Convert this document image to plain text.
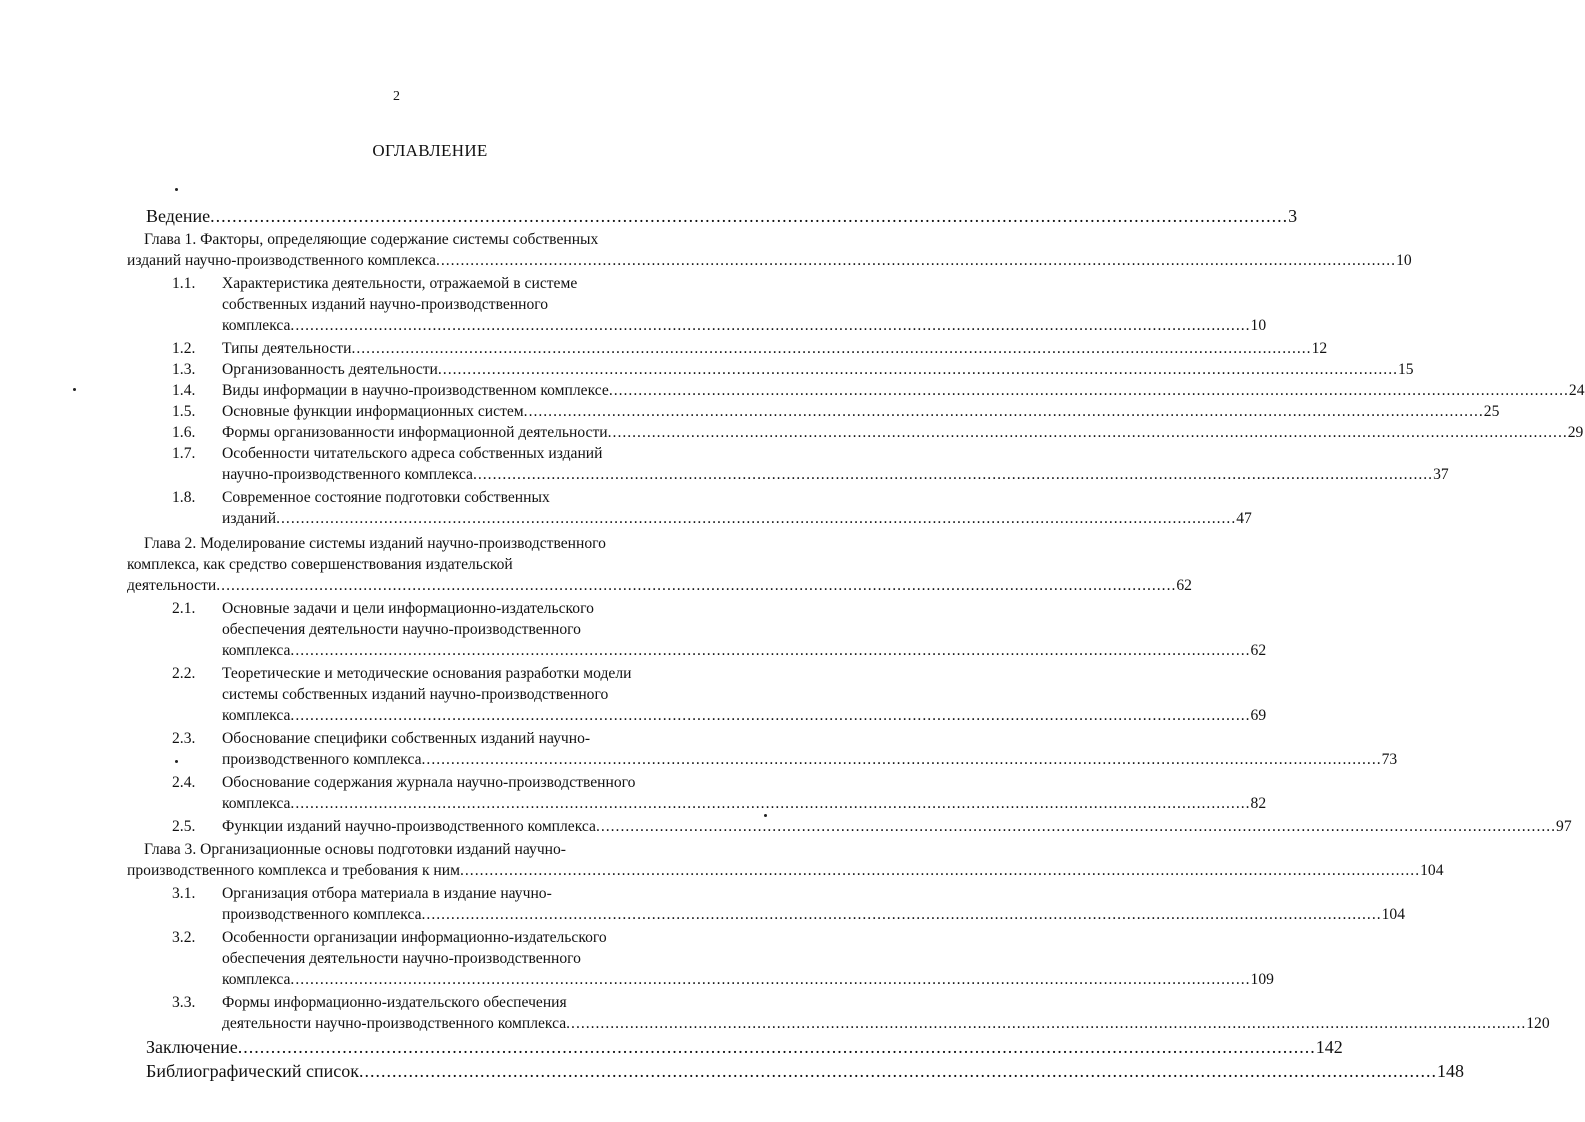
2
ОГЛАВЛЕНИЕ
Ведение .....	3
Глава 1. Факторы, определяющие содержание системы собственных
изданий научно-производственного комплекса .....	10
1.1. Характеристика деятельности, отражаемой в системе
собственных изданий научно-производственного
комплекса .....	10
1.2. Типы деятельности .....	12
1.3. Организованность деятельности .....	15
1.4. Виды информации в научно-производственном комплексе .....	24
1.5. Основные функции информационных систем .....	25
1.6. Формы организованности информационной деятельности .....	29
1.7. Особенности читательского адреса собственных изданий
научно-производственного комплекса .....	37
1.8. Современное состояние подготовки собственных
изданий .....	47
Глава 2. Моделирование системы изданий научно-производственного
комплекса, как средство совершенствования издательской
деятельности .....	62
2.1. Основные задачи и цели информационно-издательского
обеспечения деятельности научно-производственного
комплекса .....	62
2.2. Теоретические и методические основания разработки модели
системы собственных изданий научно-производственного
комплекса .....	69
2.3. Обоснование специфики собственных изданий научно-
производственного комплекса .....	73
2.4. Обоснование содержания журнала научно-производственного
комплекса .....	82
2.5. Функции изданий научно-производственного комплекса .....	97
Глава 3. Организационные основы подготовки изданий научно-
производственного комплекса и требования к ним .....	104
3.1. Организация отбора материала в издание научно-
производственного комплекса .....	104
3.2. Особенности организации информационно-издательского
обеспечения деятельности научно-производственного
комплекса .....	109
3.3. Формы информационно-издательского обеспечения
деятельности научно-производственного комплекса .....	120
Заключение .....	142
Библиографический список .....	148
